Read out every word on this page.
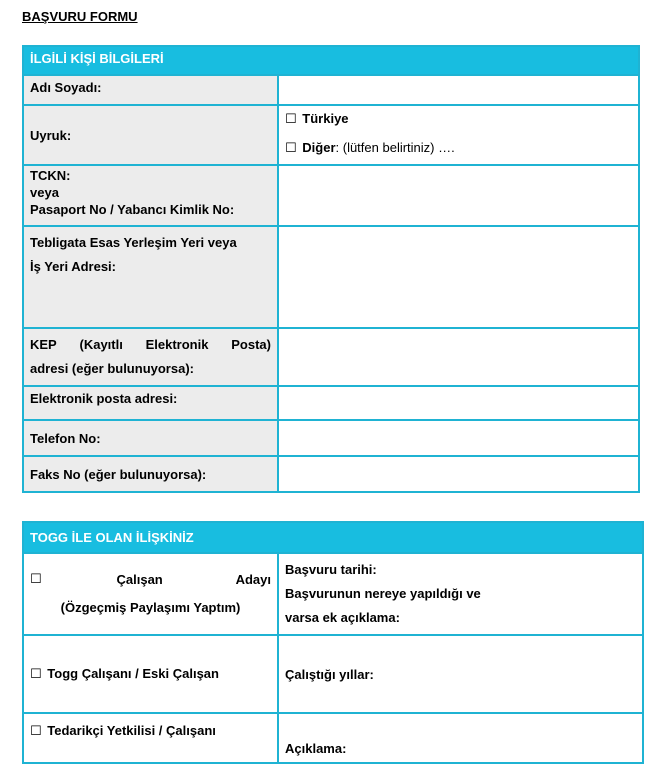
BAŞVURU FORMU
İLGİLİ KİŞİ BİLGİLERİ	
Adı Soyadı:	
Uyruk:	☐ Türkiye
☐ Diğer: (lütfen belirtiniz) ….

TCKN:
veya
Pasaport No / Yabancı Kimlik No:	

Tebligata Esas Yerleşim Yeri veya
İş Yeri Adresi:	

KEP (Kayıtlı Elektronik Posta)
adresi (eğer bulunuyorsa):	

Elektronik posta adresi:	
Telefon No:	
Faks No (eğer bulunuyorsa):	
TOGG İLE OLAN İLİŞKİNİZ	

☐ Çalışan Adayı
(Özgeçmiş Paylaşımı Yaptım)	Başvuru tarihi:
Başvurunun nereye yapıldığı ve
varsa ek açıklama:

☐ Togg Çalışanı / Eski Çalışan	Çalıştığı yıllar:
☐ Tedarikçi Yetkilisi / Çalışanı	Açıklama:
